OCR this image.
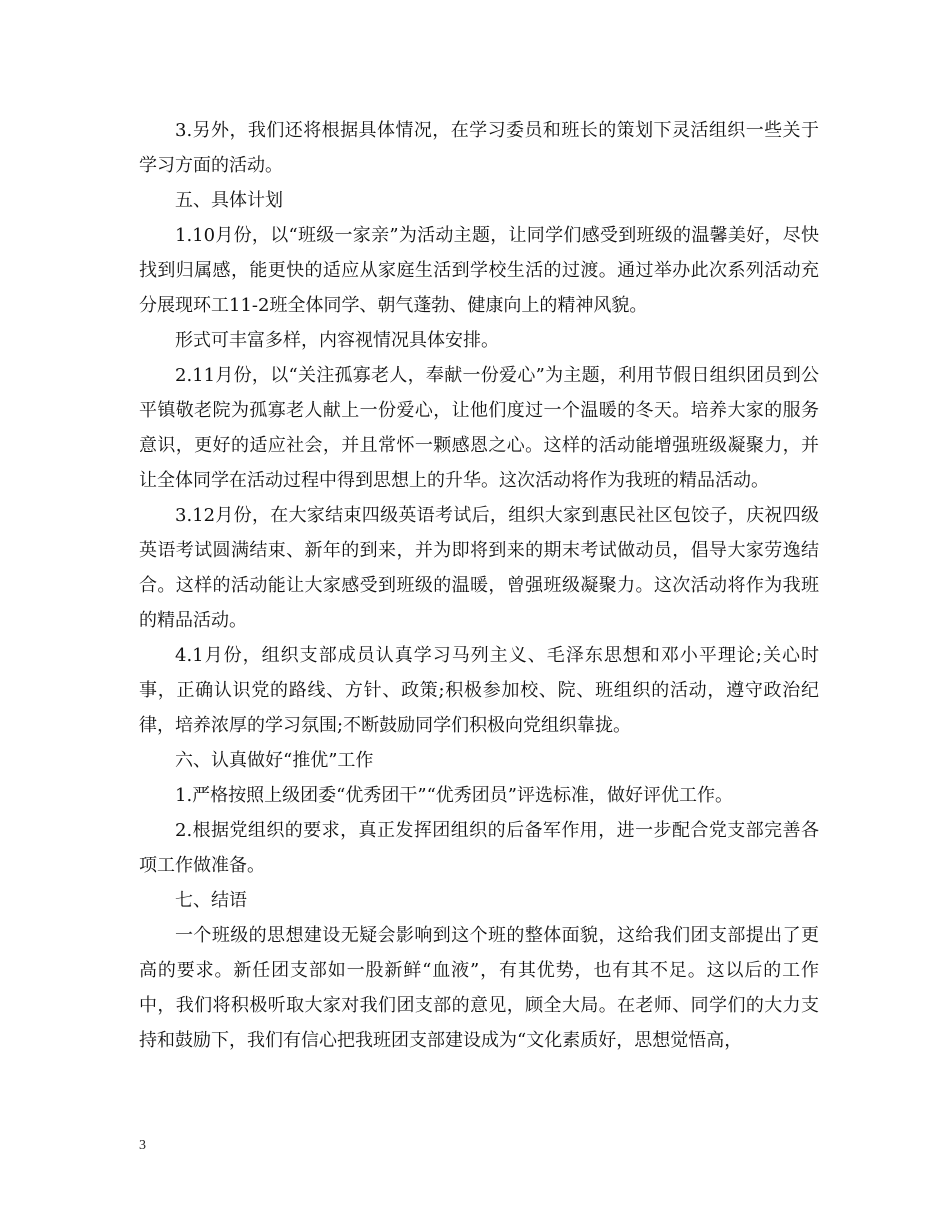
3.另外，我们还将根据具体情况，在学习委员和班长的策划下灵活组织一些关于学习方面的活动。

五、具体计划

1.10月份，以“班级一家亲”为活动主题，让同学们感受到班级的温馨美好，尽快找到归属感，能更快的适应从家庭生活到学校生活的过渡。通过举办此次系列活动充分展现环工11-2班全体同学、朝气蓬勃、健康向上的精神风貌。

形式可丰富多样，内容视情况具体安排。

2.11月份，以“关注孤寡老人，奉献一份爱心”为主题，利用节假日组织团员到公平镇敬老院为孤寡老人献上一份爱心，让他们度过一个温暖的冬天。培养大家的服务意识，更好的适应社会，并且常怀一颗感恩之心。这样的活动能增强班级凝聚力，并让全体同学在活动过程中得到思想上的升华。这次活动将作为我班的精品活动。

3.12月份，在大家结束四级英语考试后，组织大家到惠民社区包饺子，庆祝四级英语考试圆满结束、新年的到来，并为即将到来的期末考试做动员，倡导大家劳逸结合。这样的活动能让大家感受到班级的温暖，曾强班级凝聚力。这次活动将作为我班的精品活动。

4.1月份，组织支部成员认真学习马列主义、毛泽东思想和邓小平理论;关心时事，正确认识党的路线、方针、政策;积极参加校、院、班组织的活动，遵守政治纪律，培养浓厚的学习氛围;不断鼓励同学们积极向党组织靠拢。

六、认真做好“推优”工作

1.严格按照上级团委“优秀团干”“优秀团员”评选标准，做好评优工作。

2.根据党组织的要求，真正发挥团组织的后备军作用，进一步配合党支部完善各项工作做准备。

七、结语

一个班级的思想建设无疑会影响到这个班的整体面貌，这给我们团支部提出了更高的要求。新任团支部如一股新鲜“血液”，有其优势，也有其不足。这以后的工作中，我们将积极听取大家对我们团支部的意见，顾全大局。在老师、同学们的大力支持和鼓励下，我们有信心把我班团支部建设成为“文化素质好，思想觉悟高，

3
